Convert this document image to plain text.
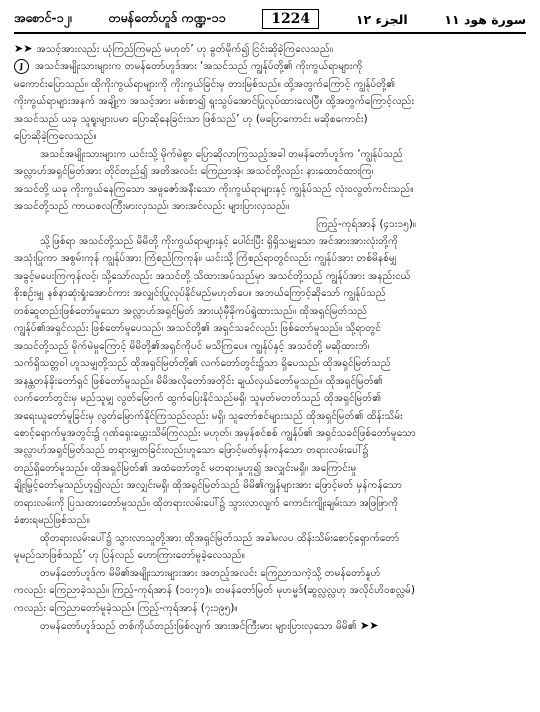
အစောင်-၁၂၊	တမန်တော်ဟူဒ် ကဏ္ဍ-၁၁	1224	الجزء ١٢	سورة هود ١١
➤➤ အသင့်အားလည်း ယုံကြည်ကြမည် မဟုတ်’ ဟု ခွတ်မိုက်၍ ငြင်းဆိုခဲ့ကြလေသည်။
J အသင်အမျိုးသားများက တမန်တော်ဟူဒ်အား ‘အသင်သည် ကျွန်ုပ်တို့၏ ကိုးကွယ်ရာများကို
မကောင်းပြောသည်။ ထိုကိုးကွယ်ရာများကို ကိုးကွယ်ခြင်းမှ တားမြစ်သည်။ ထို့အတွက်ကြောင့် ကျွန်ုပ်တို့၏
ကိုးကွယ်ရာများအနက် အချို့က အသင့်အား မစ်းစာ၍ ရူးသွပ်အောင်ပြုလုပ်ထားလေပြီ။ ထို့အတွက်ကြောင့်လည်း
အသင်သည် ယခု သူရူးများပမာ ပြောဆိုနေခြင်းသာ ဖြစ်သည်’ ဟု (မပြောကောင်း မဆိုစကောင်း)
ပြောဆိုခဲ့ကြလေသည်။
အသင်အမျိုးသားများက ယင်းသို့ မိုက်မဲစွာ ပြောဆိုလာကြသည့်အခါ တမန်တော်ဟူဒ်က ‘ကျွန်ုပ်သည်
အလ္လာဟ်အရှင်မြတ်အား တိုင်တည်၍ အတိအလင်း ကြေညာအံ့၊ အသင်တို့လည်း နားထောင်ထားကြ၊
အသင်တို့ ယခု ကိုးကွယ်နေကြသော အဖူဇော်အနီးသော ကိုးကွယ်ရာများနှင့် ကျွန်ုပ်သည် လုံးဝလွတ်ကင်းသည်။
အသင်တို့သည် ကာယစလကြီးမားလှသည်၊ အားအင်လည်း များပြားလှသည်။
ကြည့်-ကုရ်အာန် (၄၁း၁၅)။
သို့ဖြစ်ရာ အသင်တို့သည် မိမိတို့ ကိုးကွယ်ရာများနှင့် ပေါင်းပြီး ရှိရှိသမျှသော အင်အားအားလုံးတို့ကို
အသုံးပြုကာ အစွမ်းကုန် ကျွန်ုပ်အား ကြံစည်ကြကုန်။ ယင်းသို့ ကြံစည်ရာတွင်လည်း ကျွန်ုပ်အား တစ်မိနစ်မျှ
အခွင့်မပေးကြကုန်လင့်၊ သို့သော်လည်း အသင်တို့ သိထားအပ်သည်မှာ အသင်တို့သည် ကျွန်ုပ်အား အနည်းငယ်
စိုးစဉ်းမျှ နစ်နာဆုံးရှုံးအောင်ကား အလျှင်းပြုလုပ်နိုင်မည်မဟုတ်ပေ။ အဘယ်ကြောင့်ဆိုသော် ကျွန်ုပ်သည်
တစ်ဆူတည်းဖြစ်တော်မူသော အလ္လာဟ်အရှင်မြတ် အားယုံမှီခိုကပ်ရွဲထားသည်။ ထိုအရှင်မြတ်သည်
ကျွန်ုပ်၏အရှင်လည်း ဖြစ်တော်မူပေသည်၊ အသင်တို့၏ အရှင်သခင်လည်း ဖြစ်တော်မူသည်။ သို့ရာတွင်
အသင်တို့သည် မိုက်မဲမှုကြောင့် မိမိတို့၏အရှင်ကိုပင် မသိကြပေ။ ကျွန်ုပ်နှင့် အသင်တို့ မဆိုထားဘိ၊
သက်ရှိသတ္တဝါ ဟူသမျှတို့သည် ထိုအရှင်မြတ်တို့၏ လက်တော်တွင်း၌သာ ရှိပေသည်၊ ထိုအရှင်မြတ်သည်
အနန္တတန်ခိုးတော်ရှင် ဖြစ်တော်မူသည်။ မိမိအလိုတော်အတိုင်း ချယ်လှယ်တော်မူသည်။ ထိုအရှင်မြတ်၏
လက်တော်တွင်းမှ မည်သူမျှ လွတ်မြောက် ထွက်ပြေးနိုင်သည်မရှိ၊ သူမှတ်မတတ်သည် ထိုအရှင်မြတ်၏
အရေးယူတော်မူခြင်းမှ လွတ်မြောက်နိုင်ကြသည်လည်း မရှိ၊ သူတော်စင်များသည် ထိုအရှင်မြတ်၏ ထိန်းသိမ်း
စောင့်ရှောက်မှုအတွင်း၌ ဂုဏ်ရှေးယ္တေးသိမ်ကြလည်း မဟုတ်၊ အမှန်စင်စစ် ကျွန်ုပ်၏ အရှင်သခင်ဖြစ်တော်မူသော
အလ္လာဟ်အရှင်မြတ်သည် တရားမျှတခြင်းလည်းဟူသော ဖြောင့်မတ်မှန်ကန်သော တရားလမ်းပေါ်၌
တည်ရှိတော်မူသည်။ ထိုအရှင်မြတ်၏ အထံတော်တွင် မတရားမှုဟူ၍ အလျှင်းမရှိ။ အကြောင်းမှု
ချိုးမြှင့်တော်မူသည်ဟူ၍လည်း အလျှင်းမရှိ၊ ထိုအရှင်မြတ်သည် မိမိ၏ကျွန်များအား ဖြောင့်မတ် မှန်ကန်သော
တရားလမ်းကို ပြသထားတော်မူသည်။ ထိုတရားလမ်းပေါ်၌ သွားလာလျက် ကောင်းကျိုးချမ်းသာ အဖြဖြာကို
ခံစားရမည်ဖြစ်သည်။
ထိုတရားလမ်းပေါ်၌ သွားလာသူတို့အား ထိုအရှင်မြတ်သည် အခါမလပ ထိန်းသိမ်းစောင့်ရှောက်တော်
မူမည်သာဖြစ်သည်’ ဟု ပြန်လည် ဟောကြားတော်မူခဲ့လေသည်။
တမန်တော်ဟူဒ်က မိမိ၏အမျိုးသားများအား အတည့်အလင်း ကြေညာသကဲ့သို့ တမန်တော်နူဟ်
ကလည်း ကြေညာခဲ့သည်။ ကြည့်-ကုရ်အာန် (၁၀း၇၁)။ တမန်တော်မြတ် မုဟမ္မဒ်(ဆွလ္လလ္လဟု အလိုင်ဟိဝစလ္လမ်)
ကလည်း ကြေညာတော်မူခဲ့သည်။ ကြည့်-ကုရ်အာန် (၇း၁၉၅)။
တမန်တော်ဟူဒ်သည် တစ်ကိုယ်တည်းဖြစ်လျက် အားအင်ကြီးမား များပြားလှသော မိမိ၏ ➤➤
